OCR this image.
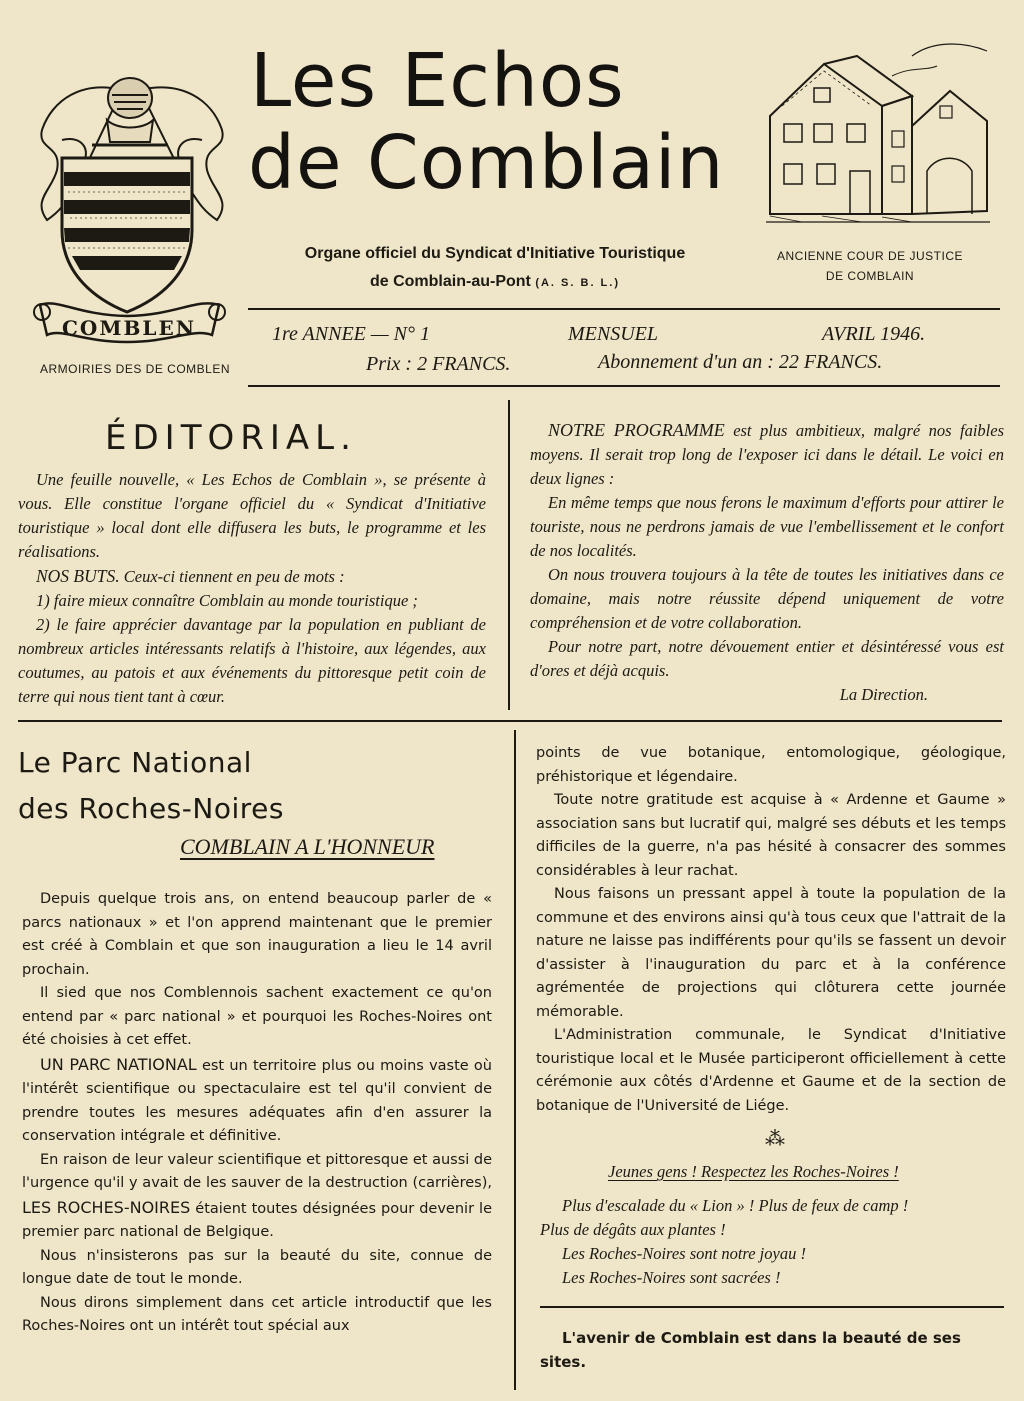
COMBLEN
ARMOIRIES DES DE COMBLEN
Les Echos
de Comblain
Organe officiel du Syndicat d'Initiative Touristique
de Comblain-au-Pont (A. S. B. L.)
ANCIENNE COUR DE JUSTICE
DE COMBLAIN
1re ANNEE — N° 1	MENSUEL	AVRIL 1946.
Prix : 2 FRANCS.	Abonnement d'un an : 22 FRANCS.
ÉDITORIAL.

Une feuille nouvelle, « Les Echos de Comblain », se présente à vous. Elle constitue l'organe officiel du « Syndicat d'Initiative touristique » local dont elle diffusera les buts, le programme et les réalisations.

NOS BUTS. Ceux-ci tiennent en peu de mots :

1) faire mieux connaître Comblain au monde touristique ;

2) le faire apprécier davantage par la population en publiant de nombreux articles intéressants relatifs à l'histoire, aux légendes, aux coutumes, au patois et aux événements du pittoresque petit coin de terre qui nous tient tant à cœur.

NOTRE PROGRAMME est plus ambitieux, malgré nos faibles moyens. Il serait trop long de l'exposer ici dans le détail. Le voici en deux lignes :

En même temps que nous ferons le maximum d'efforts pour attirer le touriste, nous ne perdrons jamais de vue l'embellissement et le confort de nos localités.

On nous trouvera toujours à la tête de toutes les initiatives dans ce domaine, mais notre réussite dépend uniquement de votre compréhension et de votre collaboration.

Pour notre part, notre dévouement entier et désintéressé vous est d'ores et déjà acquis.

La Direction.

Le Parc National
des Roches-Noires
COMBLAIN A L'HONNEUR

Depuis quelque trois ans, on entend beaucoup parler de « parcs nationaux » et l'on apprend maintenant que le premier est créé à Comblain et que son inauguration a lieu le 14 avril prochain.

Il sied que nos Comblennois sachent exactement ce qu'on entend par « parc national » et pourquoi les Roches-Noires ont été choisies à cet effet.

UN PARC NATIONAL est un territoire plus ou moins vaste où l'intérêt scientifique ou spectaculaire est tel qu'il convient de prendre toutes les mesures adéquates afin d'en assurer la conservation intégrale et définitive.

En raison de leur valeur scientifique et pittoresque et aussi de l'urgence qu'il y avait de les sauver de la destruction (carrières), LES ROCHES-NOIRES étaient toutes désignées pour devenir le premier parc national de Belgique.

Nous n'insisterons pas sur la beauté du site, connue de longue date de tout le monde.

Nous dirons simplement dans cet article introductif que les Roches-Noires ont un intérêt tout spécial aux

points de vue botanique, entomologique, géologique, préhistorique et légendaire.

Toute notre gratitude est acquise à « Ardenne et Gaume » association sans but lucratif qui, malgré ses débuts et les temps difficiles de la guerre, n'a pas hésité à consacrer des sommes considérables à leur rachat.

Nous faisons un pressant appel à toute la population de la commune et des environs ainsi qu'à tous ceux que l'attrait de la nature ne laisse pas indifférents pour qu'ils se fassent un devoir d'assister à l'inauguration du parc et à la conférence agrémentée de projections qui clôturera cette journée mémorable.

L'Administration communale, le Syndicat d'Initiative touristique local et le Musée participeront officiellement à cette cérémonie aux côtés d'Ardenne et Gaume et de la section de botanique de l'Université de Liége.

⁂
Jeunes gens ! Respectez les Roches-Noires !
Plus d'escalade du « Lion » ! Plus de feux de camp !
Plus de dégâts aux plantes !
Les Roches-Noires sont notre joyau !
Les Roches-Noires sont sacrées !
L'avenir de Comblain est dans la beauté de ses sites.
